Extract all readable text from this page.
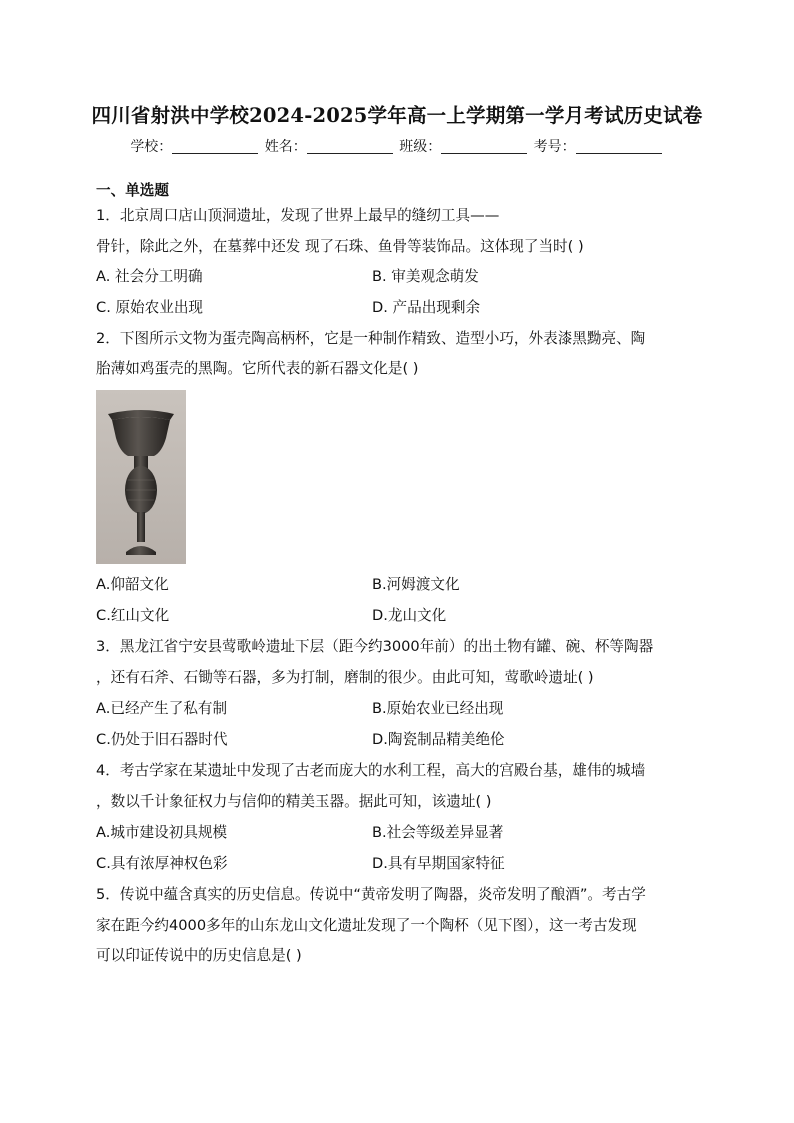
四川省射洪中学校2024-2025学年高一上学期第一学月考试历史试卷
学校：	姓名：	班级：	考号：
一、单选题
1．北京周口店山顶洞遗址，发现了世界上最早的缝纫工具——
骨针，除此之外，在墓葬中还发 现了石珠、鱼骨等装饰品。这体现了当时( )
A. 社会分工明确	B. 审美观念萌发
C. 原始农业出现	D. 产品出现剩余
2．下图所示文物为蛋壳陶高柄杯，它是一种制作精致、造型小巧，外表漆黑黝亮、陶
胎薄如鸡蛋壳的黑陶。它所代表的新石器文化是( )
A.仰韶文化	B.河姆渡文化
C.红山文化	D.龙山文化
3．黑龙江省宁安县莺歌岭遗址下层（距今约3000年前）的出土物有罐、碗、杯等陶器
，还有石斧、石锄等石器，多为打制，磨制的很少。由此可知，莺歌岭遗址( )
A.已经产生了私有制	B.原始农业已经出现
C.仍处于旧石器时代	D.陶瓷制品精美绝伦
4．考古学家在某遗址中发现了古老而庞大的水利工程，高大的宫殿台基，雄伟的城墙
，数以千计象征权力与信仰的精美玉器。据此可知，该遗址( )
A.城市建设初具规模	B.社会等级差异显著
C.具有浓厚神权色彩	D.具有早期国家特征
5．传说中蕴含真实的历史信息。传说中“黄帝发明了陶器，炎帝发明了酿酒”。考古学
家在距今约4000多年的山东龙山文化遗址发现了一个陶杯（见下图），这一考古发现
可以印证传说中的历史信息是( )
